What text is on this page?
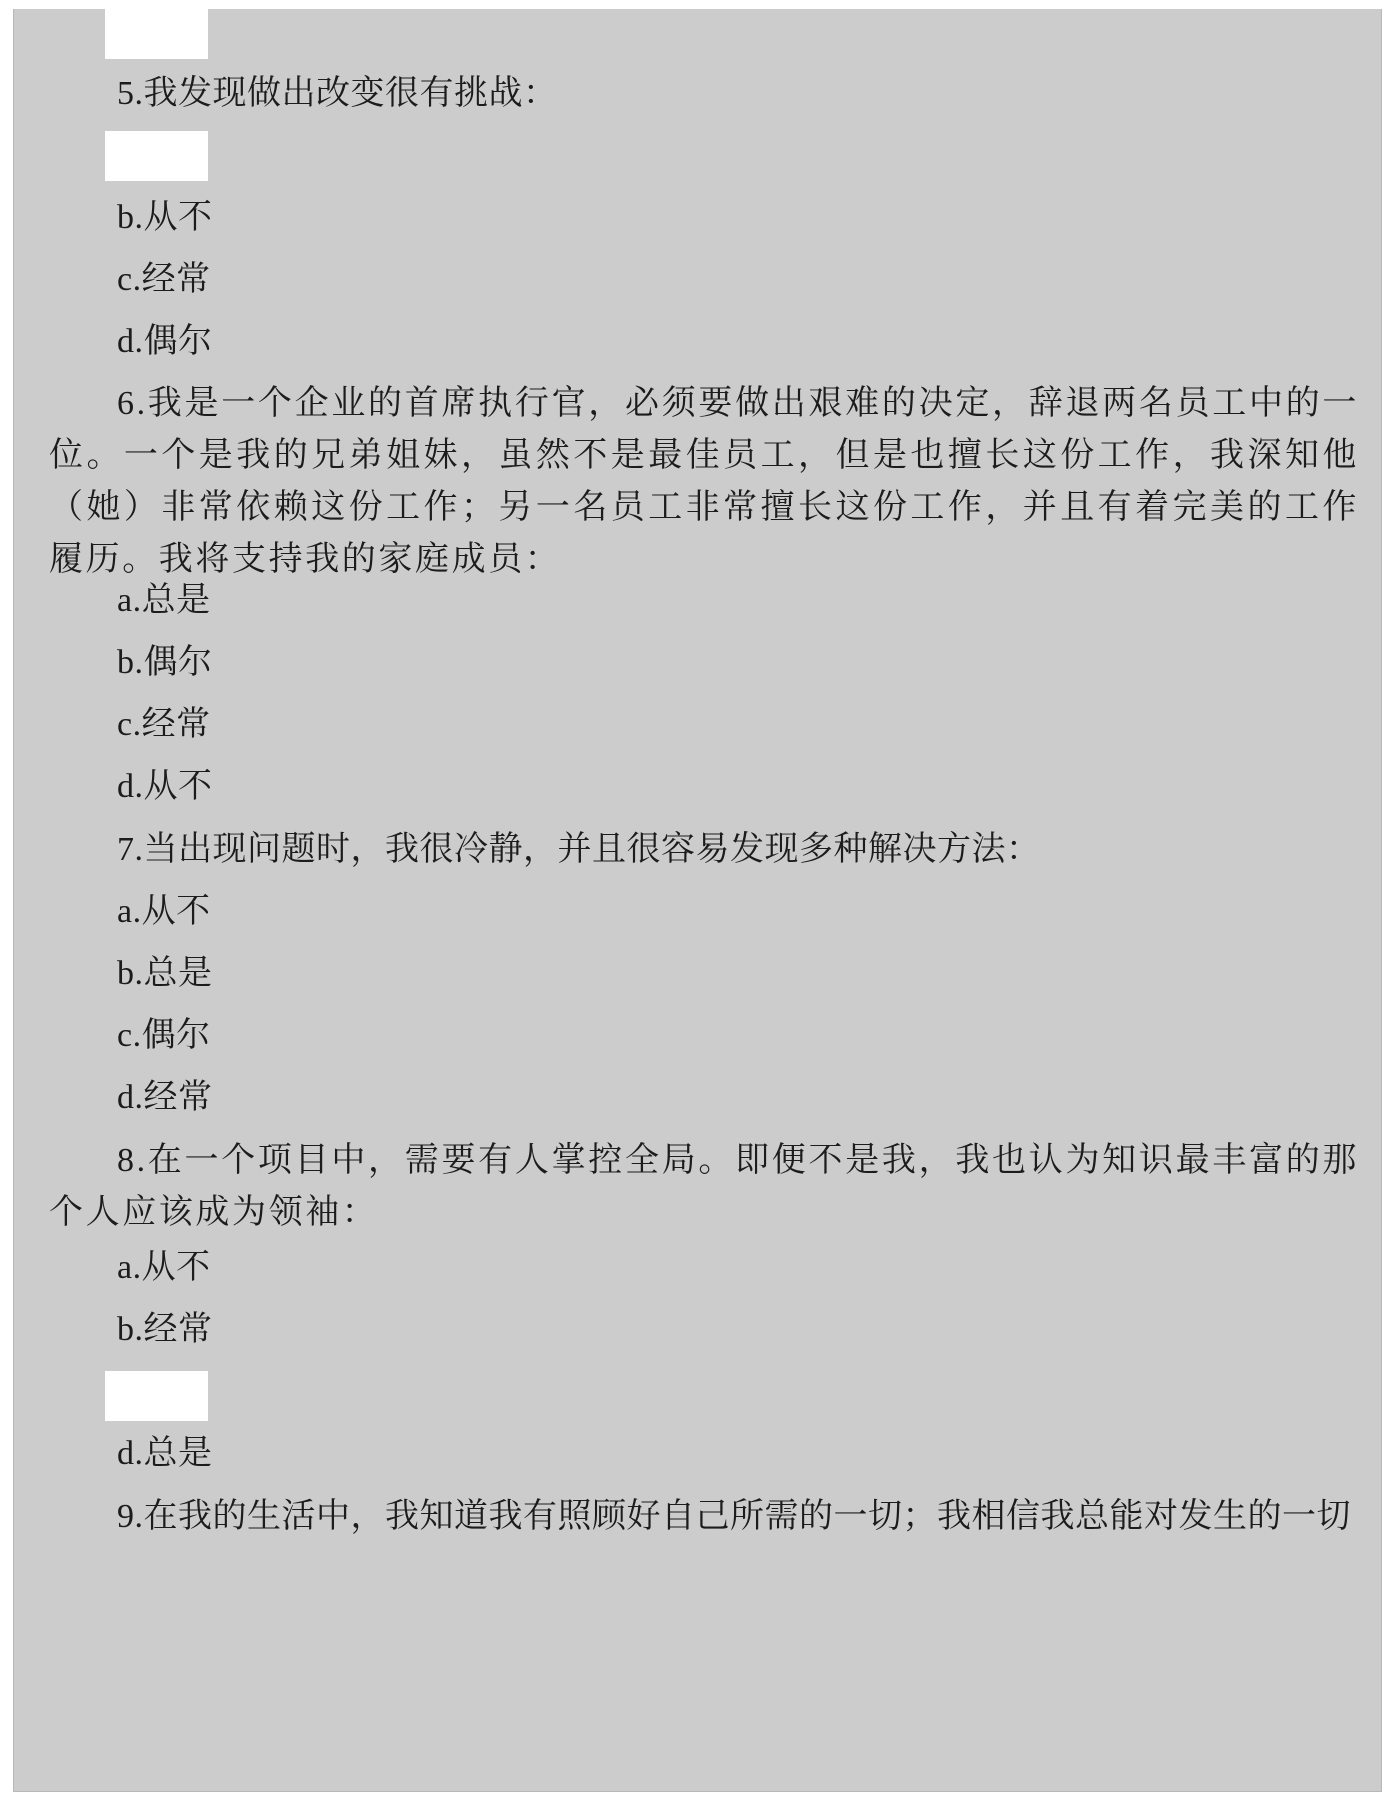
5.我发现做出改变很有挑战：
b.从不
c.经常
d.偶尔
6.我是一个企业的首席执行官，必须要做出艰难的决定，辞退两名员工中的一位。一个是我的兄弟姐妹，虽然不是最佳员工，但是也擅长这份工作，我深知他（她）非常依赖这份工作；另一名员工非常擅长这份工作，并且有着完美的工作履历。我将支持我的家庭成员：
a.总是
b.偶尔
c.经常
d.从不
7.当出现问题时，我很冷静，并且很容易发现多种解决方法：
a.从不
b.总是
c.偶尔
d.经常
8.在一个项目中，需要有人掌控全局。即便不是我，我也认为知识最丰富的那个人应该成为领袖：
a.从不
b.经常
d.总是
9.在我的生活中，我知道我有照顾好自己所需的一切；我相信我总能对发生的一切
